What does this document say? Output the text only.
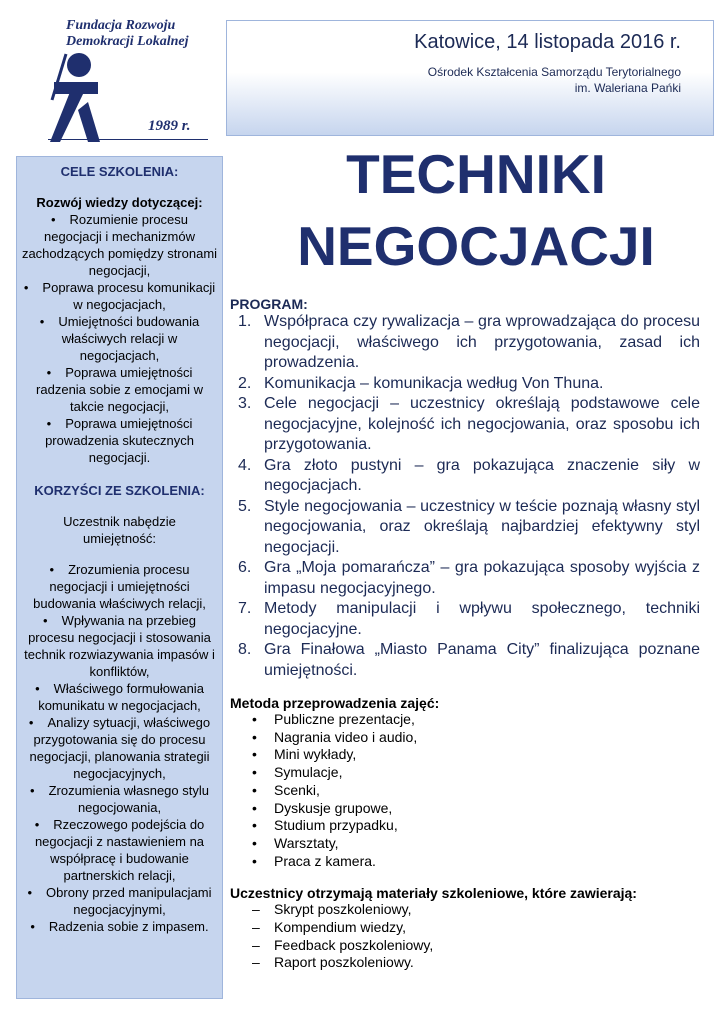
Fundacja Rozwoju
Demokracji Lokalnej
1989 r.
Katowice, 14 listopada 2016 r.
Ośrodek Kształcenia Samorządu Terytorialnego
im. Waleriana Pańki
CELE SZKOLENIA:
Rozwój wiedzy dotyczącej:
• Rozumienie procesu negocjacji i mechanizmów zachodzących pomiędzy stronami negocjacji,
• Poprawa procesu komunikacji w negocjacjach,
• Umiejętności budowania właściwych relacji w negocjacjach,
• Poprawa umiejętności radzenia sobie z emocjami w takcie negocjacji,
• Poprawa umiejętności prowadzenia skutecznych negocjacji.
KORZYŚCI ZE SZKOLENIA:
Uczestnik nabędzie umiejętność:
• Zrozumienia procesu negocjacji i umiejętności budowania właściwych relacji,
• Wpływania na przebieg procesu negocjacji i stosowania technik rozwiazywania impasów i konfliktów,
• Właściwego formułowania komunikatu w negocjacjach,
• Analizy sytuacji, właściwego przygotowania się do procesu negocjacji, planowania strategii negocjacyjnych,
• Zrozumienia własnego stylu negocjowania,
• Rzeczowego podejścia do negocjacji z nastawieniem na współpracę i budowanie partnerskich relacji,
• Obrony przed manipulacjami negocjacyjnymi,
• Radzenia sobie z impasem.
TECHNIKI
NEGOCJACJI
PROGRAM:
1. Współpraca czy rywalizacja – gra wprowadzająca do procesu negocjacji, właściwego ich przygotowania, zasad ich prowadzenia.
2. Komunikacja – komunikacja według Von Thuna.
3. Cele negocjacji – uczestnicy określają podstawowe cele negocjacyjne, kolejność ich negocjowania, oraz sposobu ich przygotowania.
4. Gra złoto pustyni – gra pokazująca znaczenie siły w negocjacjach.
5. Style negocjowania – uczestnicy w teście poznają własny styl negocjowania, oraz określają najbardziej efektywny styl negocjacji.
6. Gra „Moja pomarańcza” – gra pokazująca sposoby wyjścia z impasu negocjacyjnego.
7. Metody manipulacji i wpływu społecznego, techniki negocjacyjne.
8. Gra Finałowa „Miasto Panama City” finalizująca poznane umiejętności.
Metoda przeprowadzenia zajęć:
• Publiczne prezentacje,
• Nagrania video i audio,
• Mini wykłady,
• Symulacje,
• Scenki,
• Dyskusje grupowe,
• Studium przypadku,
• Warsztaty,
• Praca z kamera.
Uczestnicy otrzymają materiały szkoleniowe, które zawierają:
– Skrypt poszkoleniowy,
– Kompendium wiedzy,
– Feedback poszkoleniowy,
– Raport poszkoleniowy.
